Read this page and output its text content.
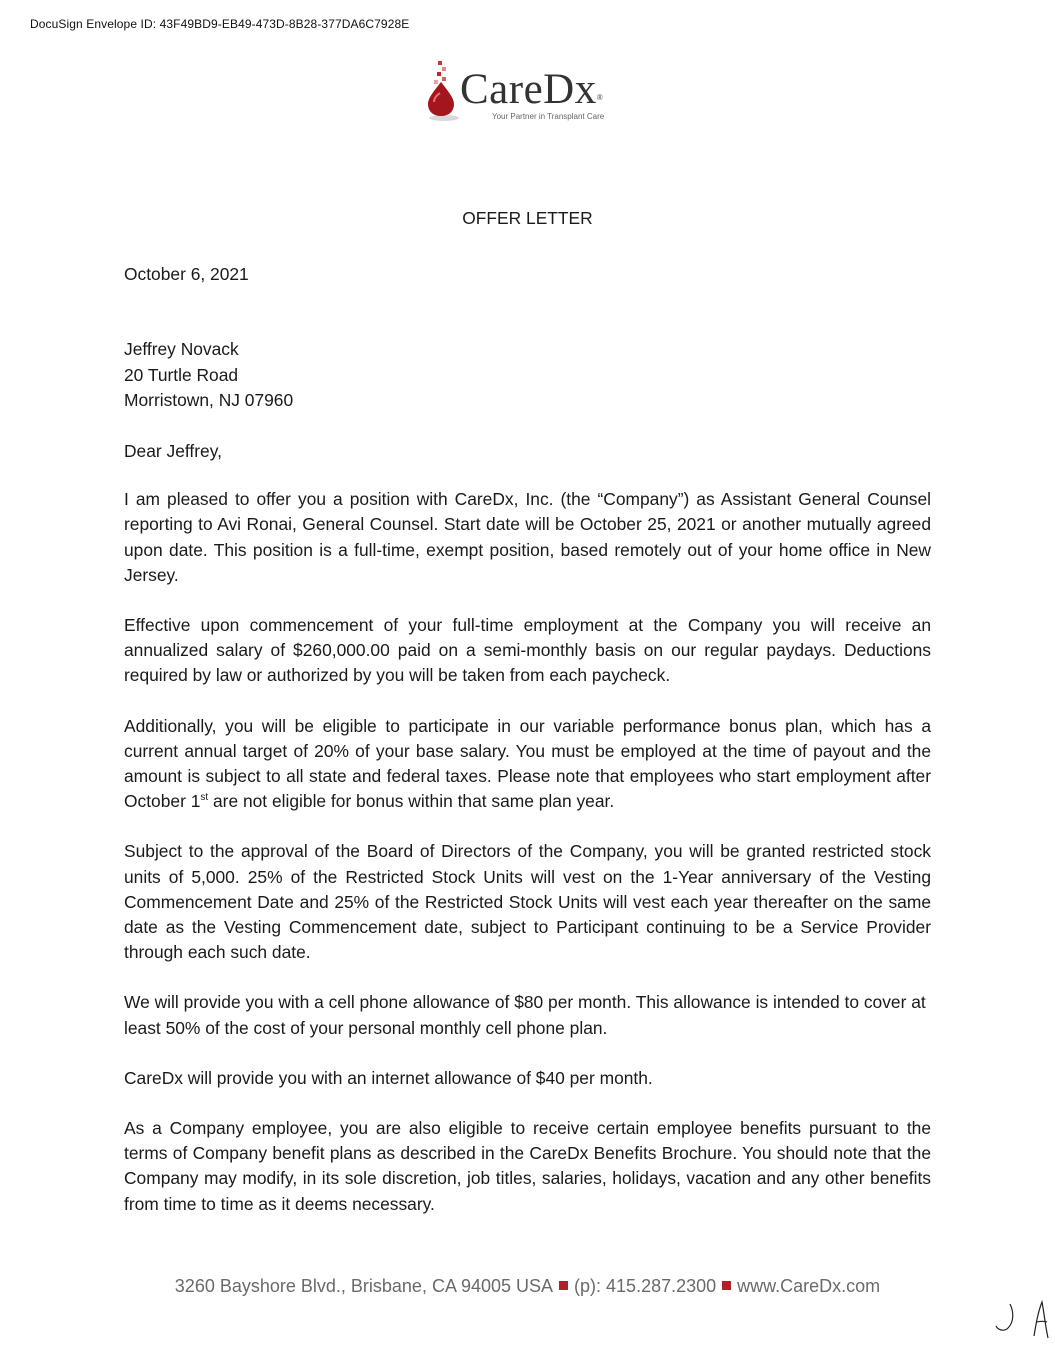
DocuSign Envelope ID: 43F49BD9-EB49-473D-8B28-377DA6C7928E
CareDx®
Your Partner in Transplant Care

OFFER LETTER

October 6, 2021

Jeffrey Novack
20 Turtle Road
Morristown, NJ 07960

Dear Jeffrey,

I am pleased to offer you a position with CareDx, Inc. (the “Company”) as Assistant General Counsel reporting to Avi Ronai, General Counsel. Start date will be October 25, 2021 or another mutually agreed upon date. This position is a full-time, exempt position, based remotely out of your home office in New Jersey.

Effective upon commencement of your full-time employment at the Company you will receive an annualized salary of $260,000.00 paid on a semi-monthly basis on our regular paydays. Deductions required by law or authorized by you will be taken from each paycheck.

Additionally, you will be eligible to participate in our variable performance bonus plan, which has a current annual target of 20% of your base salary. You must be employed at the time of payout and the amount is subject to all state and federal taxes. Please note that employees who start employment after October 1st are not eligible for bonus within that same plan year.

Subject to the approval of the Board of Directors of the Company, you will be granted restricted stock units of 5,000. 25% of the Restricted Stock Units will vest on the 1-Year anniversary of the Vesting Commencement Date and 25% of the Restricted Stock Units will vest each year thereafter on the same date as the Vesting Commencement date, subject to Participant continuing to be a Service Provider through each such date.

We will provide you with a cell phone allowance of $80 per month. This allowance is intended to cover at least 50% of the cost of your personal monthly cell phone plan.

CareDx will provide you with an internet allowance of $40 per month.

As a Company employee, you are also eligible to receive certain employee benefits pursuant to the terms of Company benefit plans as described in the CareDx Benefits Brochure. You should note that the Company may modify, in its sole discretion, job titles, salaries, holidays, vacation and any other benefits from time to time as it deems necessary.

3260 Bayshore Blvd., Brisbane, CA 94005 USA (p): 415.287.2300 www.CareDx.com
